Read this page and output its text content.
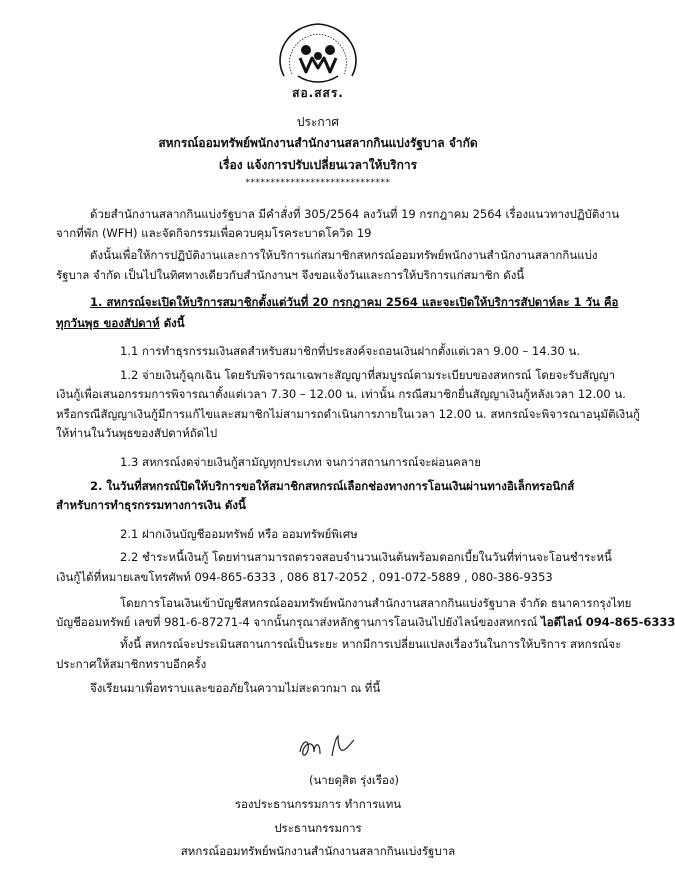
สอ.สสร.
ประกาศ
สหกรณ์ออมทรัพย์พนักงานสำนักงานสลากกินแบ่งรัฐบาล จำกัด
เรื่อง แจ้งการปรับเปลี่ยนเวลาให้บริการ
*****************************
ด้วยสำนักงานสลากกินแบ่งรัฐบาล มีคำสั่งที่ 305/2564 ลงวันที่ 19 กรกฎาคม 2564 เรื่องแนวทางปฏิบัติงาน
จากที่พัก (WFH) และจัดกิจกรรมเพื่อควบคุมโรคระบาดโควิด 19
ดังนั้นเพื่อให้การปฏิบัติงานและการให้บริการแก่สมาชิกสหกรณ์ออมทรัพย์พนักงานสำนักงานสลากกินแบ่ง
รัฐบาล จำกัด เป็นไปในทิศทางเดียวกับสำนักงานฯ จึงขอแจ้งวันและการให้บริการแก่สมาชิก ดังนี้
1. สหกรณ์จะเปิดให้บริการสมาชิกตั้งแต่วันที่ 20 กรกฎาคม 2564 และจะเปิดให้บริการสัปดาห์ละ 1 วัน คือ
ทุกวันพุธ ของสัปดาห์ ดังนี้
1.1 การทำธุรกรรมเงินสดสำหรับสมาชิกที่ประสงค์จะถอนเงินฝากตั้งแต่เวลา 9.00 – 14.30 น.
1.2 จ่ายเงินกู้ฉุกเฉิน โดยรับพิจารณาเฉพาะสัญญาที่สมบูรณ์ตามระเบียบของสหกรณ์ โดยจะรับสัญญา
เงินกู้เพื่อเสนอกรรมการพิจารณาตั้งแต่เวลา 7.30 – 12.00 น. เท่านั้น กรณีสมาชิกยื่นสัญญาเงินกู้หลังเวลา 12.00 น.
หรือกรณีสัญญาเงินกู้มีการแก้ไขและสมาชิกไม่สามารถดำเนินการภายในเวลา 12.00 น. สหกรณ์จะพิจารณาอนุมัติเงินกู้
ให้ท่านในวันพุธของสัปดาห์ถัดไป
1.3 สหกรณ์งดจ่ายเงินกู้สามัญทุกประเภท จนกว่าสถานการณ์จะผ่อนคลาย
2. ในวันที่สหกรณ์ปิดให้บริการขอให้สมาชิกสหกรณ์เลือกช่องทางการโอนเงินผ่านทางอิเล็กทรอนิกส์
สำหรับการทำธุรกรรมทางการเงิน ดังนี้
2.1 ฝากเงินบัญชีออมทรัพย์ หรือ ออมทรัพย์พิเศษ
2.2 ชำระหนี้เงินกู้ โดยท่านสามารถตรวจสอบจำนวนเงินต้นพร้อมดอกเบี้ยในวันที่ท่านจะโอนชำระหนี้
เงินกู้ได้ที่หมายเลขโทรศัพท์ 094-865-6333 , 086 817-2052 , 091-072-5889 , 080-386-9353
โดยการโอนเงินเข้าบัญชีสหกรณ์ออมทรัพย์พนักงานสำนักงานสลากกินแบ่งรัฐบาล จำกัด ธนาคารกรุงไทย
บัญชีออมทรัพย์ เลขที่ 981-6-87271-4 จากนั้นกรุณาส่งหลักฐานการโอนเงินไปยังไลน์ของสหกรณ์ ไอดีไลน์ 094-865-6333
ทั้งนี้ สหกรณ์จะประเมินสถานการณ์เป็นระยะ หากมีการเปลี่ยนแปลงเรื่องวันในการให้บริการ สหกรณ์จะ
ประกาศให้สมาชิกทราบอีกครั้ง
จึงเรียนมาเพื่อทราบและขออภัยในความไม่สะดวกมา ณ ที่นี้
(นายดุสิต รุ่งเรือง)
รองประธานกรรมการ ทำการแทน
ประธานกรรมการ
สหกรณ์ออมทรัพย์พนักงานสำนักงานสลากกินแบ่งรัฐบาล
